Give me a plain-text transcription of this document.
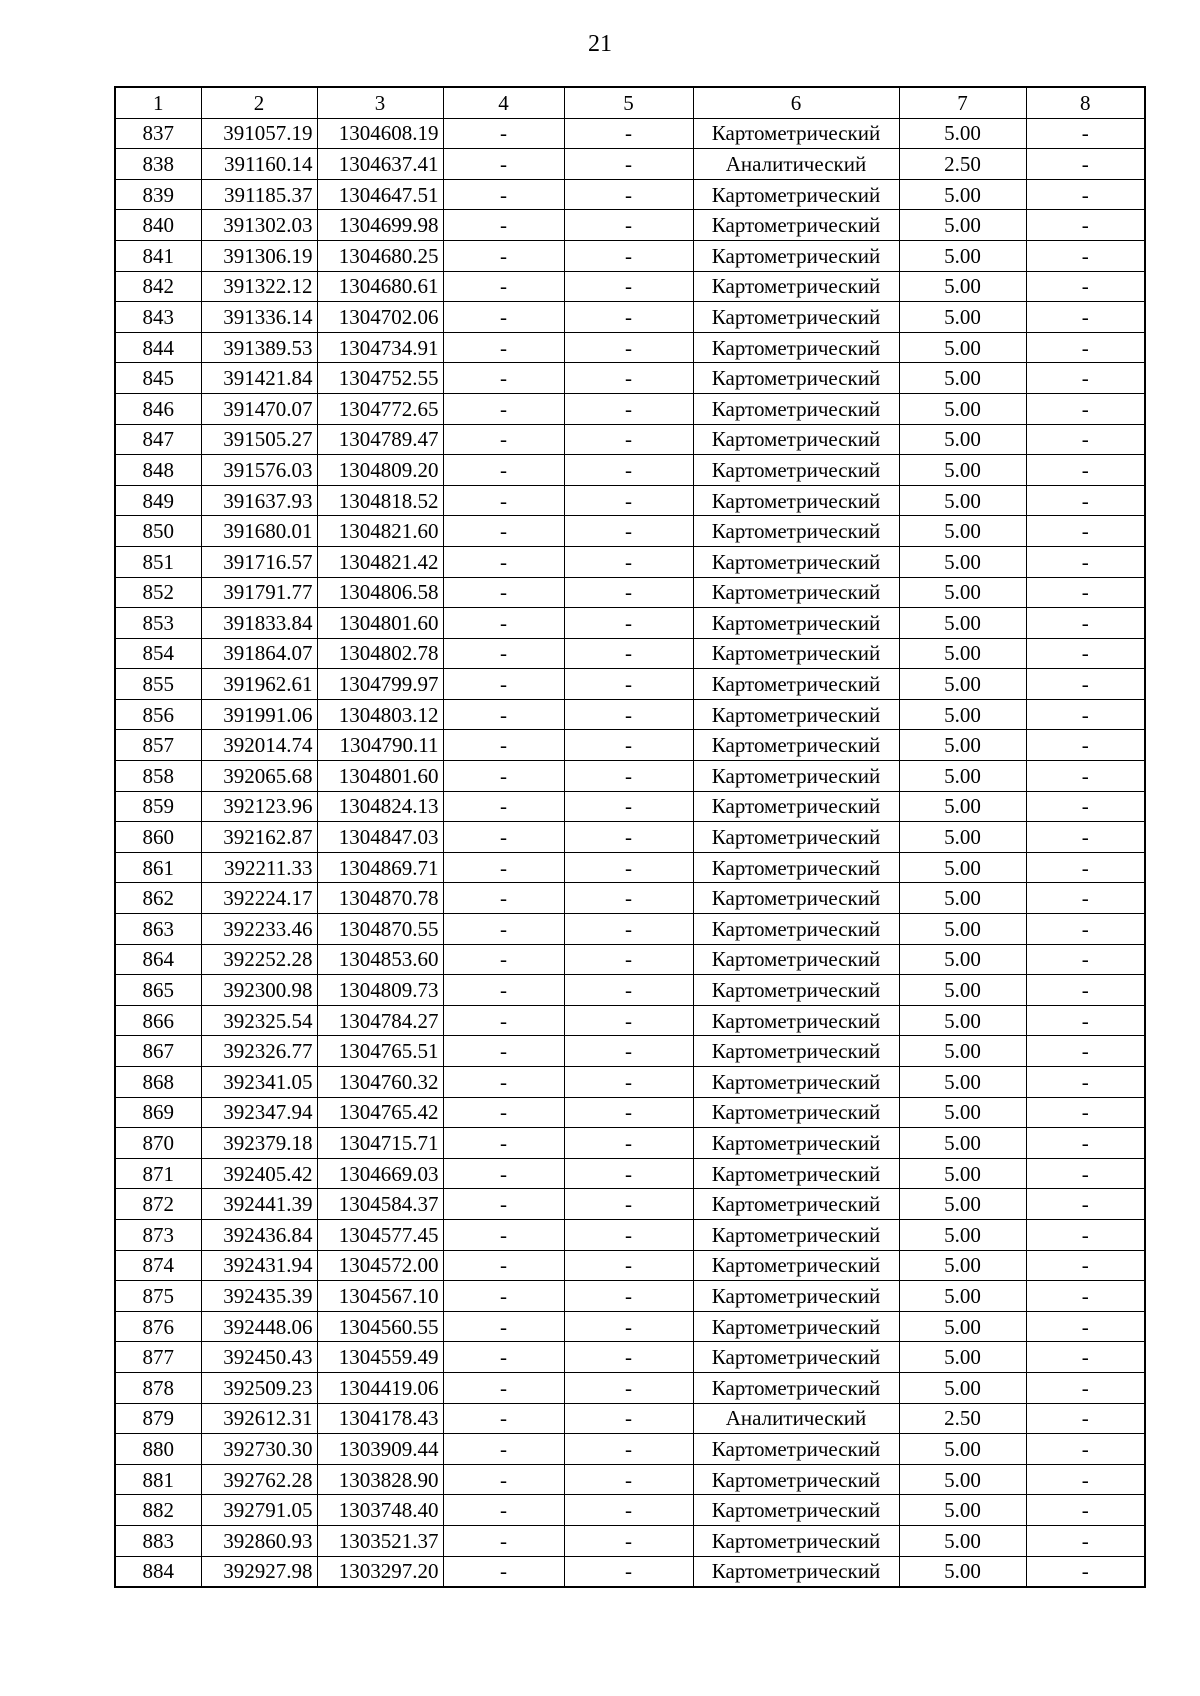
21
1	2	3	4	5	6	7	8
837	391057.19	1304608.19	-	-	Картометрический	5.00	-
838	391160.14	1304637.41	-	-	Аналитический	2.50	-
839	391185.37	1304647.51	-	-	Картометрический	5.00	-
840	391302.03	1304699.98	-	-	Картометрический	5.00	-
841	391306.19	1304680.25	-	-	Картометрический	5.00	-
842	391322.12	1304680.61	-	-	Картометрический	5.00	-
843	391336.14	1304702.06	-	-	Картометрический	5.00	-
844	391389.53	1304734.91	-	-	Картометрический	5.00	-
845	391421.84	1304752.55	-	-	Картометрический	5.00	-
846	391470.07	1304772.65	-	-	Картометрический	5.00	-
847	391505.27	1304789.47	-	-	Картометрический	5.00	-
848	391576.03	1304809.20	-	-	Картометрический	5.00	-
849	391637.93	1304818.52	-	-	Картометрический	5.00	-
850	391680.01	1304821.60	-	-	Картометрический	5.00	-
851	391716.57	1304821.42	-	-	Картометрический	5.00	-
852	391791.77	1304806.58	-	-	Картометрический	5.00	-
853	391833.84	1304801.60	-	-	Картометрический	5.00	-
854	391864.07	1304802.78	-	-	Картометрический	5.00	-
855	391962.61	1304799.97	-	-	Картометрический	5.00	-
856	391991.06	1304803.12	-	-	Картометрический	5.00	-
857	392014.74	1304790.11	-	-	Картометрический	5.00	-
858	392065.68	1304801.60	-	-	Картометрический	5.00	-
859	392123.96	1304824.13	-	-	Картометрический	5.00	-
860	392162.87	1304847.03	-	-	Картометрический	5.00	-
861	392211.33	1304869.71	-	-	Картометрический	5.00	-
862	392224.17	1304870.78	-	-	Картометрический	5.00	-
863	392233.46	1304870.55	-	-	Картометрический	5.00	-
864	392252.28	1304853.60	-	-	Картометрический	5.00	-
865	392300.98	1304809.73	-	-	Картометрический	5.00	-
866	392325.54	1304784.27	-	-	Картометрический	5.00	-
867	392326.77	1304765.51	-	-	Картометрический	5.00	-
868	392341.05	1304760.32	-	-	Картометрический	5.00	-
869	392347.94	1304765.42	-	-	Картометрический	5.00	-
870	392379.18	1304715.71	-	-	Картометрический	5.00	-
871	392405.42	1304669.03	-	-	Картометрический	5.00	-
872	392441.39	1304584.37	-	-	Картометрический	5.00	-
873	392436.84	1304577.45	-	-	Картометрический	5.00	-
874	392431.94	1304572.00	-	-	Картометрический	5.00	-
875	392435.39	1304567.10	-	-	Картометрический	5.00	-
876	392448.06	1304560.55	-	-	Картометрический	5.00	-
877	392450.43	1304559.49	-	-	Картометрический	5.00	-
878	392509.23	1304419.06	-	-	Картометрический	5.00	-
879	392612.31	1304178.43	-	-	Аналитический	2.50	-
880	392730.30	1303909.44	-	-	Картометрический	5.00	-
881	392762.28	1303828.90	-	-	Картометрический	5.00	-
882	392791.05	1303748.40	-	-	Картометрический	5.00	-
883	392860.93	1303521.37	-	-	Картометрический	5.00	-
884	392927.98	1303297.20	-	-	Картометрический	5.00	-
